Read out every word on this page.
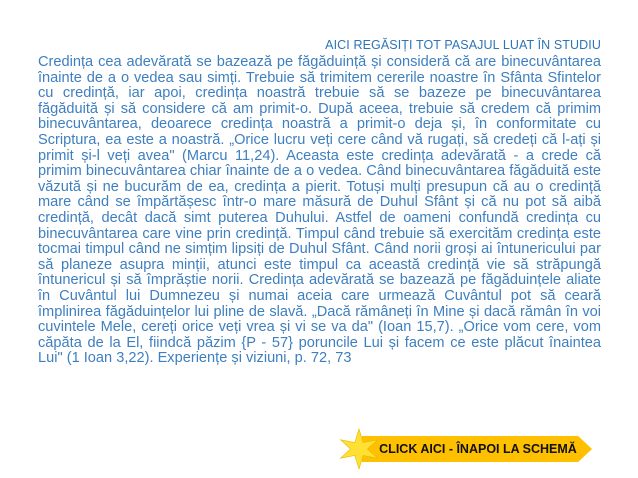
AICI REGĂSIȚI TOT PASAJUL LUAT ÎN STUDIU

Credința cea adevărată se bazează pe făgăduință și consideră că are binecuvântarea înainte de a o vedea sau simți. Trebuie să trimitem cererile noastre în Sfânta Sfintelor cu credință, iar apoi, credința noastră trebuie să se bazeze pe binecuvântarea făgăduită și să considere că am primit-o. După aceea, trebuie să credem că primim binecuvântarea, deoarece credința noastră a primit-o deja și, în conformitate cu Scriptura, ea este a noastră. „Orice lucru veți cere când vă rugați, să credeți că l-ați și primit și-l veți avea" (Marcu 11,24). Aceasta este credința adevărată - a crede că primim binecuvântarea chiar înainte de a o vedea. Când binecuvântarea făgăduită este văzută și ne bucurăm de ea, credința a pierit. Totuși mulți presupun că au o credință mare când se împărtășesc într-o mare măsură de Duhul Sfânt și că nu pot să aibă credință, decât dacă simt puterea Duhului. Astfel de oameni confundă credința cu binecuvântarea care vine prin credință. Timpul când trebuie să exercităm credința este tocmai timpul când ne simțim lipsiți de Duhul Sfânt. Când norii groși ai întunericului par să planeze asupra minții, atunci este timpul ca această credință vie să străpungă întunericul și să împrăștie norii. Credința adevărată se bazează pe făgăduințele aliate în Cuvântul lui Dumnezeu și numai aceia care urmează Cuvântul pot să ceară împlinirea făgăduințelor lui pline de slavă. „Dacă rămâneți în Mine și dacă rămân în voi cuvintele Mele, cereți orice veți vrea și vi se va da" (Ioan 15,7). „Orice vom cere, vom căpăta de la El, fiindcă păzim {P - 57} poruncile Lui și facem ce este plăcut înaintea Lui" (1 Ioan 3,22). Experiențe și viziuni, p. 72, 73

CLICK AICI - ÎNAPOI LA SCHEMĂ
